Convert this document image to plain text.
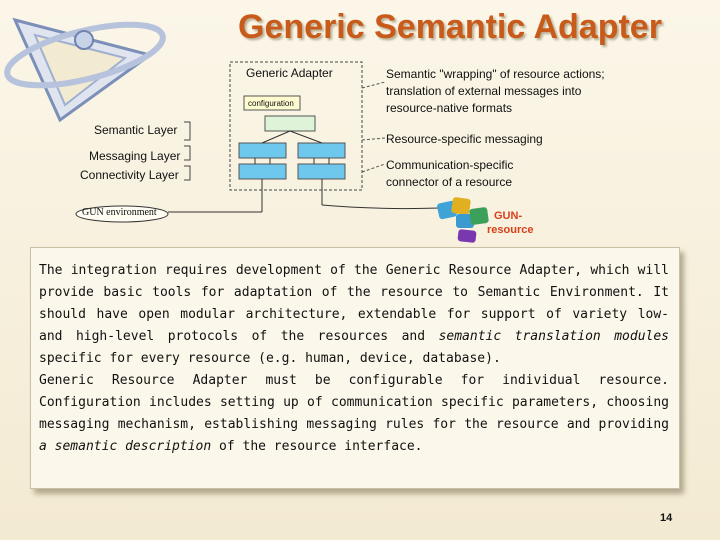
Generic Semantic Adapter
Generic Adapter
configuration
Semantic Layer
Messaging Layer
Connectivity Layer
GUN environment
Semantic "wrapping" of resource actions;
translation of external messages into
resource-native formats
Resource-specific messaging
Communication-specific
connector of a resource
GUN-
resource

The integration requires development of the Generic Resource Adapter, which will provide basic tools for adaptation of the resource to Semantic Environment. It should have open modular architecture, extendable for support of variety low- and high-level protocols of the resources and semantic translation modules specific for every resource (e.g. human, device, database).

Generic Resource Adapter must be configurable for individual resource. Configuration includes setting up of communication specific parameters, choosing messaging mechanism, establishing messaging rules for the resource and providing a semantic description of the resource interface.

14
